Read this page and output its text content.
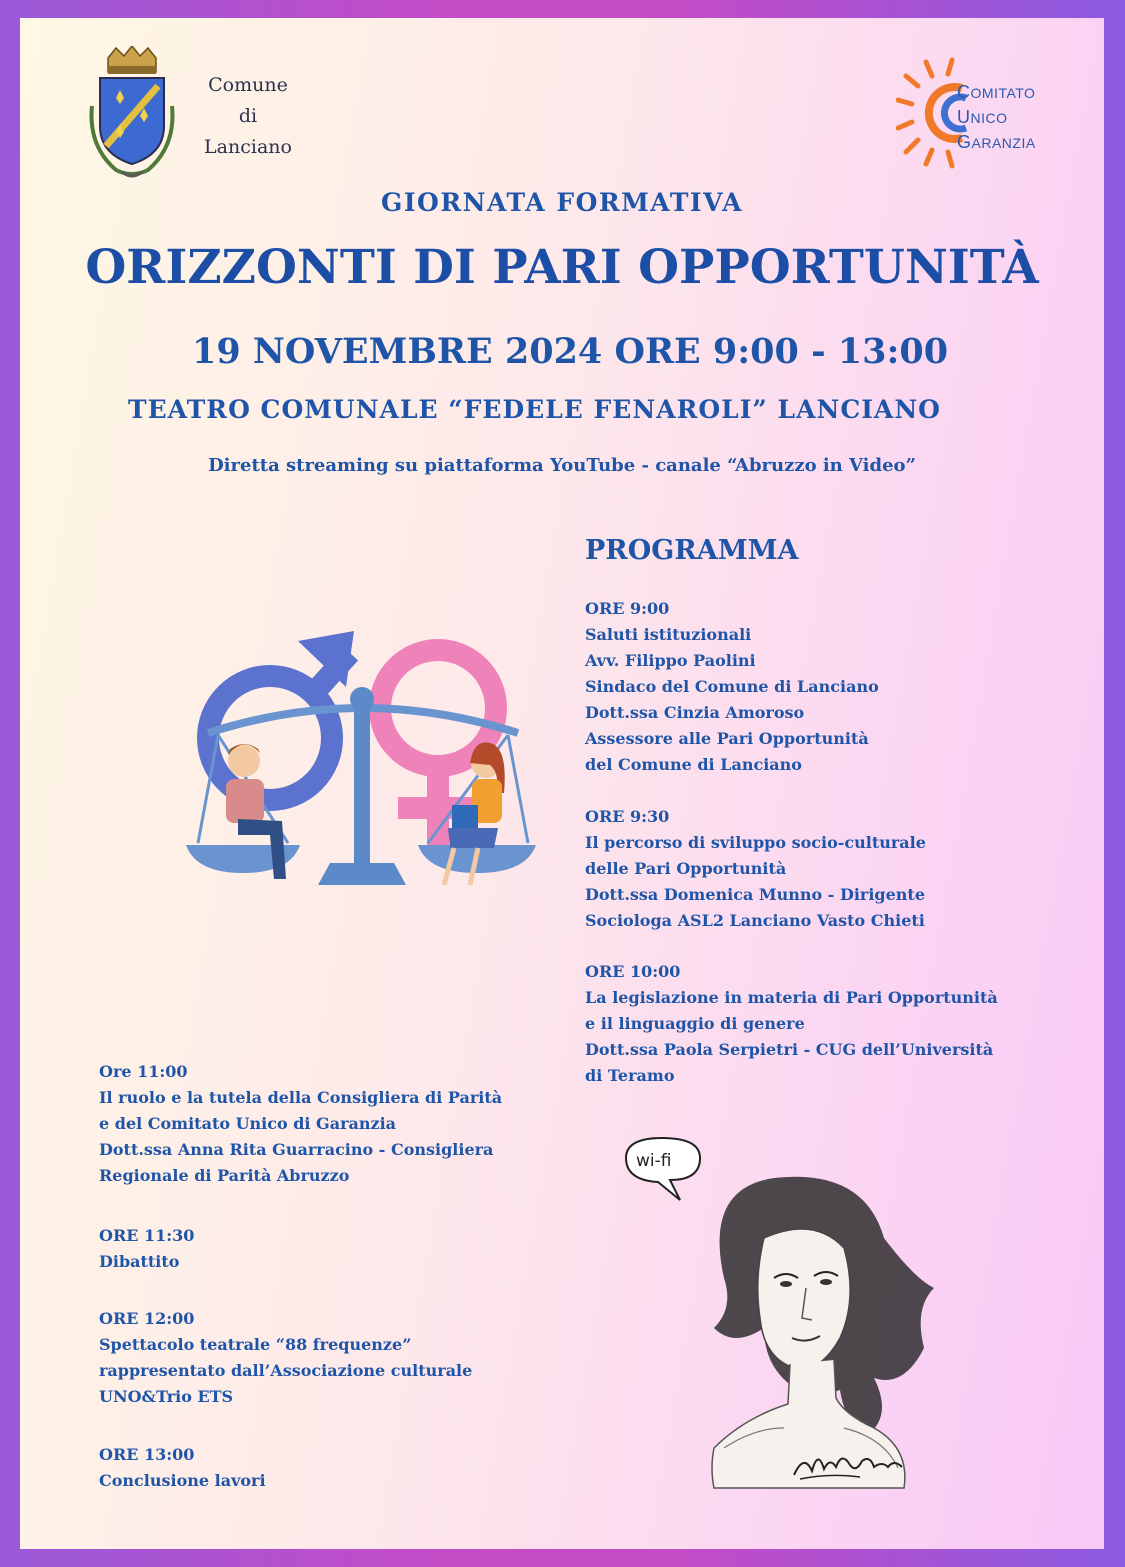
Comune
di
Lanciano
COMITATO
UNICO
GARANZIA
GIORNATA FORMATIVA
ORIZZONTI DI PARI OPPORTUNITÀ
19 NOVEMBRE 2024 ORE 9:00 - 13:00
TEATRO COMUNALE “FEDELE FENAROLI” LANCIANO
Diretta streaming su piattaforma YouTube - canale “Abruzzo in Video”
PROGRAMMA
ORE 9:00
Saluti istituzionali
Avv. Filippo Paolini
Sindaco del Comune di Lanciano
Dott.ssa Cinzia Amoroso
Assessore alle Pari Opportunità
del Comune di Lanciano
ORE 9:30
Il percorso di sviluppo socio-culturale
delle Pari Opportunità
Dott.ssa Domenica Munno - Dirigente
Sociologa ASL2 Lanciano Vasto Chieti
ORE 10:00
La legislazione in materia di Pari Opportunità
e il linguaggio di genere
Dott.ssa Paola Serpietri - CUG dell’Università
di Teramo
Ore 11:00
Il ruolo e la tutela della Consigliera di Parità
e del Comitato Unico di Garanzia
Dott.ssa Anna Rita Guarracino - Consigliera
Regionale di Parità Abruzzo
ORE 11:30
Dibattito
ORE 12:00
Spettacolo teatrale “88 frequenze”
rappresentato dall’Associazione culturale
UNO&Trio ETS
ORE 13:00
Conclusione lavori
wi-fi
